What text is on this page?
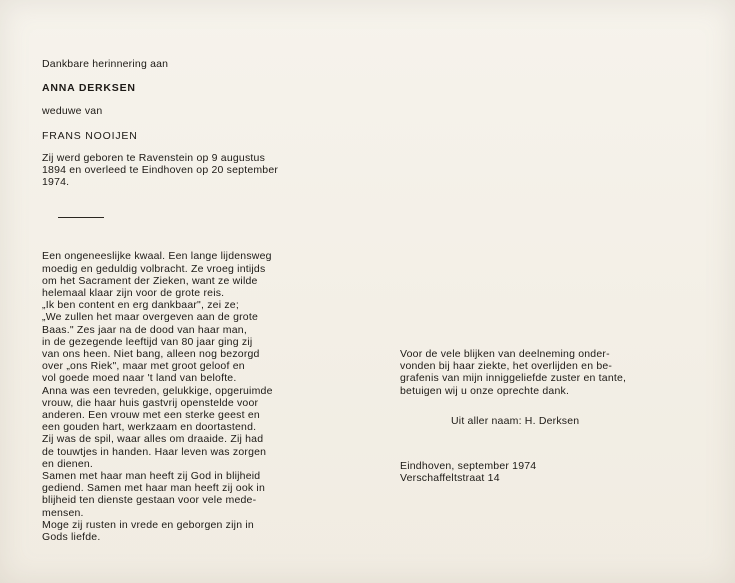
Dankbare herinnering aan

ANNA DERKSEN

weduwe van

FRANS NOOIJEN

Zij werd geboren te Ravenstein op 9 augustus
1894 en overleed te Eindhoven op 20 september
1974.
Een ongeneeslijke kwaal. Een lange lijdensweg
moedig en geduldig volbracht. Ze vroeg intijds
om het Sacrament der Zieken, want ze wilde
helemaal klaar zijn voor de grote reis.
„Ik ben content en erg dankbaar", zei ze;
„We zullen het maar overgeven aan de grote
Baas." Zes jaar na de dood van haar man,
in de gezegende leeftijd van 80 jaar ging zij
van ons heen. Niet bang, alleen nog bezorgd
over „ons Riek", maar met groot geloof en
vol goede moed naar 't land van belofte.
Anna was een tevreden, gelukkige, opgeruimde
vrouw, die haar huis gastvrij openstelde voor
anderen. Een vrouw met een sterke geest en
een gouden hart, werkzaam en doortastend.
Zij was de spil, waar alles om draaide. Zij had
de touwtjes in handen. Haar leven was zorgen
en dienen.
Samen met haar man heeft zij God in blijheid
gediend. Samen met haar man heeft zij ook in
blijheid ten dienste gestaan voor vele mede-
mensen.
Moge zij rusten in vrede en geborgen zijn in
Gods liefde.
Voor de vele blijken van deelneming onder-
vonden bij haar ziekte, het overlijden en be-
grafenis van mijn inniggeliefde zuster en tante,
betuigen wij u onze oprechte dank.

Uit aller naam: H. Derksen

Eindhoven, september 1974

Verschaffeltstraat 14
